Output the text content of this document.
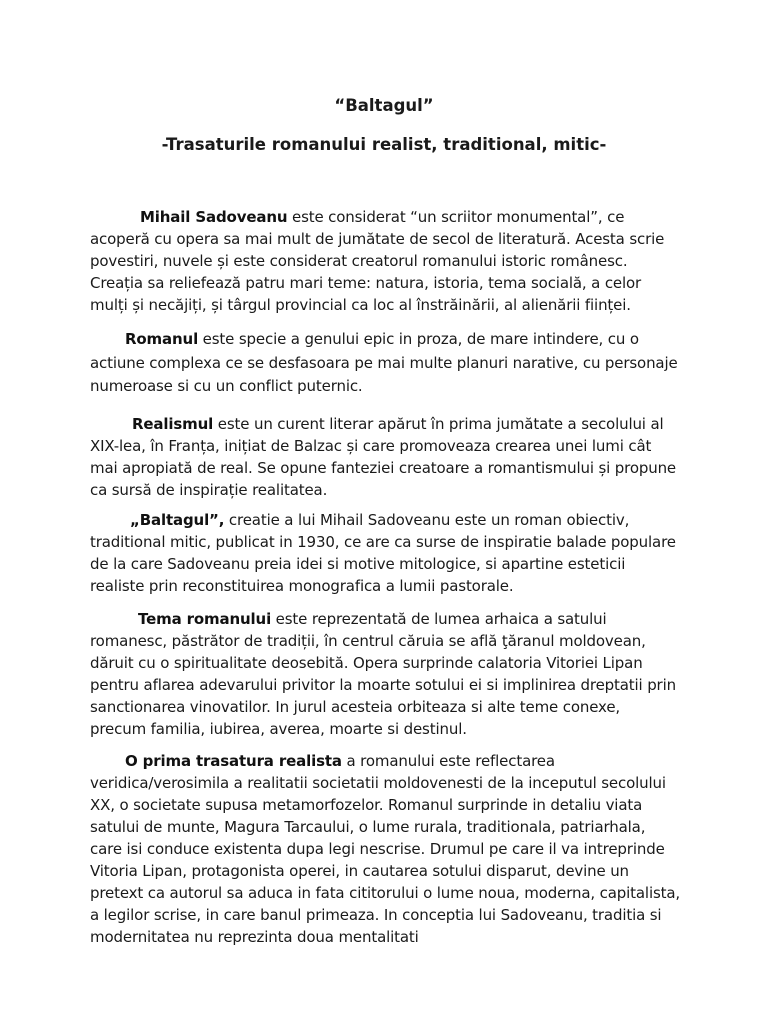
“Baltagul”
-Trasaturile romanului realist, traditional, mitic-

Mihail Sadoveanu este considerat “un scriitor monumental”, ce acoperă cu opera sa mai mult de jumătate de secol de literatură. Acesta scrie povestiri, nuvele și este considerat creatorul romanului istoric românesc. Creația sa reliefează patru mari teme: natura, istoria, tema socială, a celor mulți și necăjiți, și târgul provincial ca loc al înstrăinării, al alienării ființei.

Romanul este specie a genului epic in proza, de mare intindere, cu o actiune complexa ce se desfasoara pe mai multe planuri narative, cu personaje numeroase si cu un conflict puternic.

Realismul este un curent literar apărut în prima jumătate a secolului al XIX-lea, în Franța, inițiat de Balzac și care promoveaza crearea unei lumi cât mai apropiată de real. Se opune fanteziei creatoare a romantismului și propune ca sursă de inspirație realitatea.

„Baltagul”, creatie a lui Mihail Sadoveanu este un roman obiectiv, traditional mitic, publicat in 1930, ce are ca surse de inspiratie balade populare de la care Sadoveanu preia idei si motive mitologice, si apartine esteticii realiste prin reconstituirea monografica a lumii pastorale.

Tema romanului este reprezentată de lumea arhaica a satului romanesc, păstrător de tradiții, în centrul căruia se află ţăranul moldovean, dăruit cu o spiritualitate deosebită. Opera surprinde calatoria Vitoriei Lipan pentru aflarea adevarului privitor la moarte sotului ei si implinirea dreptatii prin sanctionarea vinovatilor. In jurul acesteia orbiteaza si alte teme conexe, precum familia, iubirea, averea, moarte si destinul.

O prima trasatura realista a romanului este reflectarea veridica/verosimila a realitatii societatii moldovenesti de la inceputul secolului XX, o societate supusa metamorfozelor. Romanul surprinde in detaliu viata satului de munte, Magura Tarcaului, o lume rurala, traditionala, patriarhala, care isi conduce existenta dupa legi nescrise. Drumul pe care il va intreprinde Vitoria Lipan, protagonista operei, in cautarea sotului disparut, devine un pretext ca autorul sa aduca in fata cititorului o lume noua, moderna, capitalista, a legilor scrise, in care banul primeaza. In conceptia lui Sadoveanu, traditia si modernitatea nu reprezinta doua mentalitati
